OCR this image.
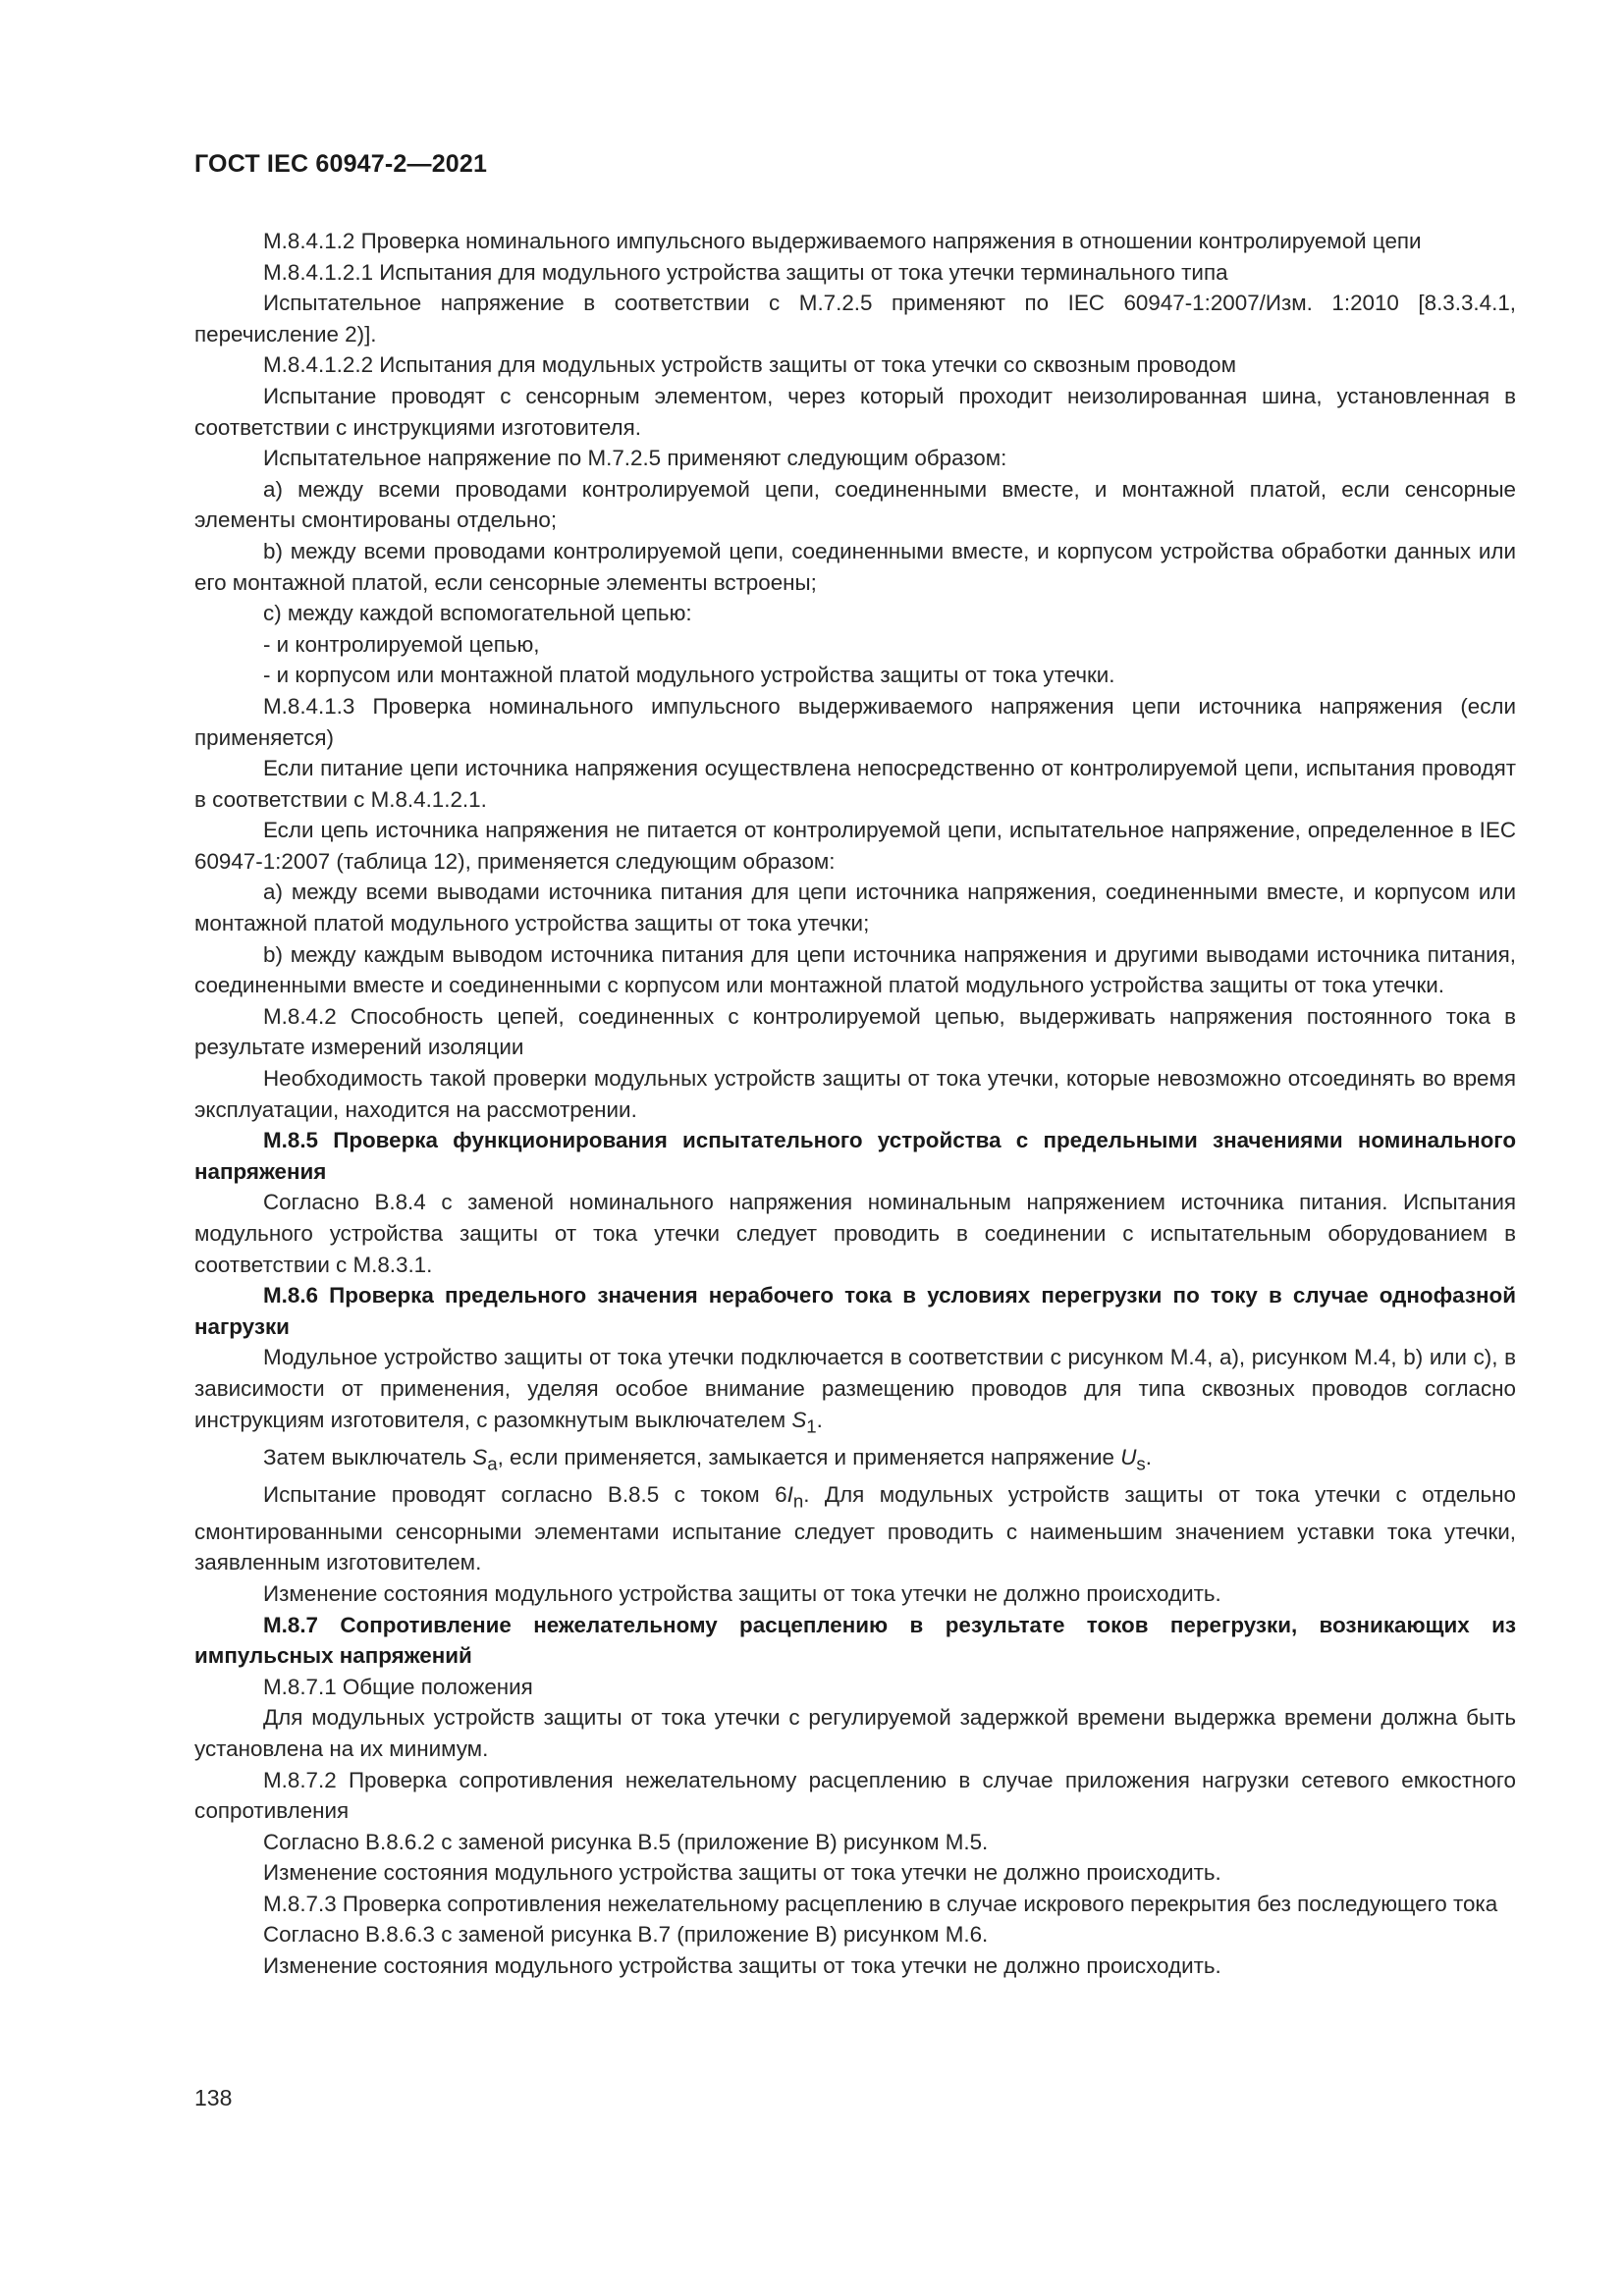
ГОСТ IEC 60947-2—2021

М.8.4.1.2 Проверка номинального импульсного выдерживаемого напряжения в отношении контролируемой цепи

М.8.4.1.2.1 Испытания для модульного устройства защиты от тока утечки терминального типа

Испытательное напряжение в соответствии с М.7.2.5 применяют по IEC 60947-1:2007/Изм. 1:2010 [8.3.3.4.1, перечисление 2)].

М.8.4.1.2.2 Испытания для модульных устройств защиты от тока утечки со сквозным проводом

Испытание проводят с сенсорным элементом, через который проходит неизолированная шина, установленная в соответствии с инструкциями изготовителя.

Испытательное напряжение по М.7.2.5 применяют следующим образом:

a) между всеми проводами контролируемой цепи, соединенными вместе, и монтажной платой, если сенсорные элементы смонтированы отдельно;

b) между всеми проводами контролируемой цепи, соединенными вместе, и корпусом устройства обработки данных или его монтажной платой, если сенсорные элементы встроены;

c) между каждой вспомогательной цепью:

- и контролируемой цепью,

- и корпусом или монтажной платой модульного устройства защиты от тока утечки.

М.8.4.1.3 Проверка номинального импульсного выдерживаемого напряжения цепи источника напряжения (если применяется)

Если питание цепи источника напряжения осуществлена непосредственно от контролируемой цепи, испытания проводят в соответствии с М.8.4.1.2.1.

Если цепь источника напряжения не питается от контролируемой цепи, испытательное напряжение, определенное в IEC 60947-1:2007 (таблица 12), применяется следующим образом:

a) между всеми выводами источника питания для цепи источника напряжения, соединенными вместе, и корпусом или монтажной платой модульного устройства защиты от тока утечки;

b) между каждым выводом источника питания для цепи источника напряжения и другими выводами источника питания, соединенными вместе и соединенными с корпусом или монтажной платой модульного устройства защиты от тока утечки.

М.8.4.2 Способность цепей, соединенных с контролируемой цепью, выдерживать напряжения постоянного тока в результате измерений изоляции

Необходимость такой проверки модульных устройств защиты от тока утечки, которые невозможно отсоединять во время эксплуатации, находится на рассмотрении.

М.8.5 Проверка функционирования испытательного устройства с предельными значениями номинального напряжения

Согласно В.8.4 с заменой номинального напряжения номинальным напряжением источника питания. Испытания модульного устройства защиты от тока утечки следует проводить в соединении с испытательным оборудованием в соответствии с М.8.3.1.

М.8.6 Проверка предельного значения нерабочего тока в условиях перегрузки по току в случае однофазной нагрузки

Модульное устройство защиты от тока утечки подключается в соответствии с рисунком М.4, а), рисунком М.4, b) или c), в зависимости от применения, уделяя особое внимание размещению проводов для типа сквозных проводов согласно инструкциям изготовителя, с разомкнутым выключателем $S_1$.

Затем выключатель $S_a$, если применяется, замыкается и применяется напряжение $U_s$.

Испытание проводят согласно В.8.5 с током $6I_n$. Для модульных устройств защиты от тока утечки с отдельно смонтированными сенсорными элементами испытание следует проводить с наименьшим значением уставки тока утечки, заявленным изготовителем.

Изменение состояния модульного устройства защиты от тока утечки не должно происходить.

М.8.7 Сопротивление нежелательному расцеплению в результате токов перегрузки, возникающих из импульсных напряжений

М.8.7.1 Общие положения

Для модульных устройств защиты от тока утечки с регулируемой задержкой времени выдержка времени должна быть установлена на их минимум.

М.8.7.2 Проверка сопротивления нежелательному расцеплению в случае приложения нагрузки сетевого емкостного сопротивления

Согласно В.8.6.2 с заменой рисунка В.5 (приложение В) рисунком М.5.

Изменение состояния модульного устройства защиты от тока утечки не должно происходить.

М.8.7.3 Проверка сопротивления нежелательному расцеплению в случае искрового перекрытия без последующего тока

Согласно В.8.6.3 с заменой рисунка В.7 (приложение В) рисунком М.6.

Изменение состояния модульного устройства защиты от тока утечки не должно происходить.

138
